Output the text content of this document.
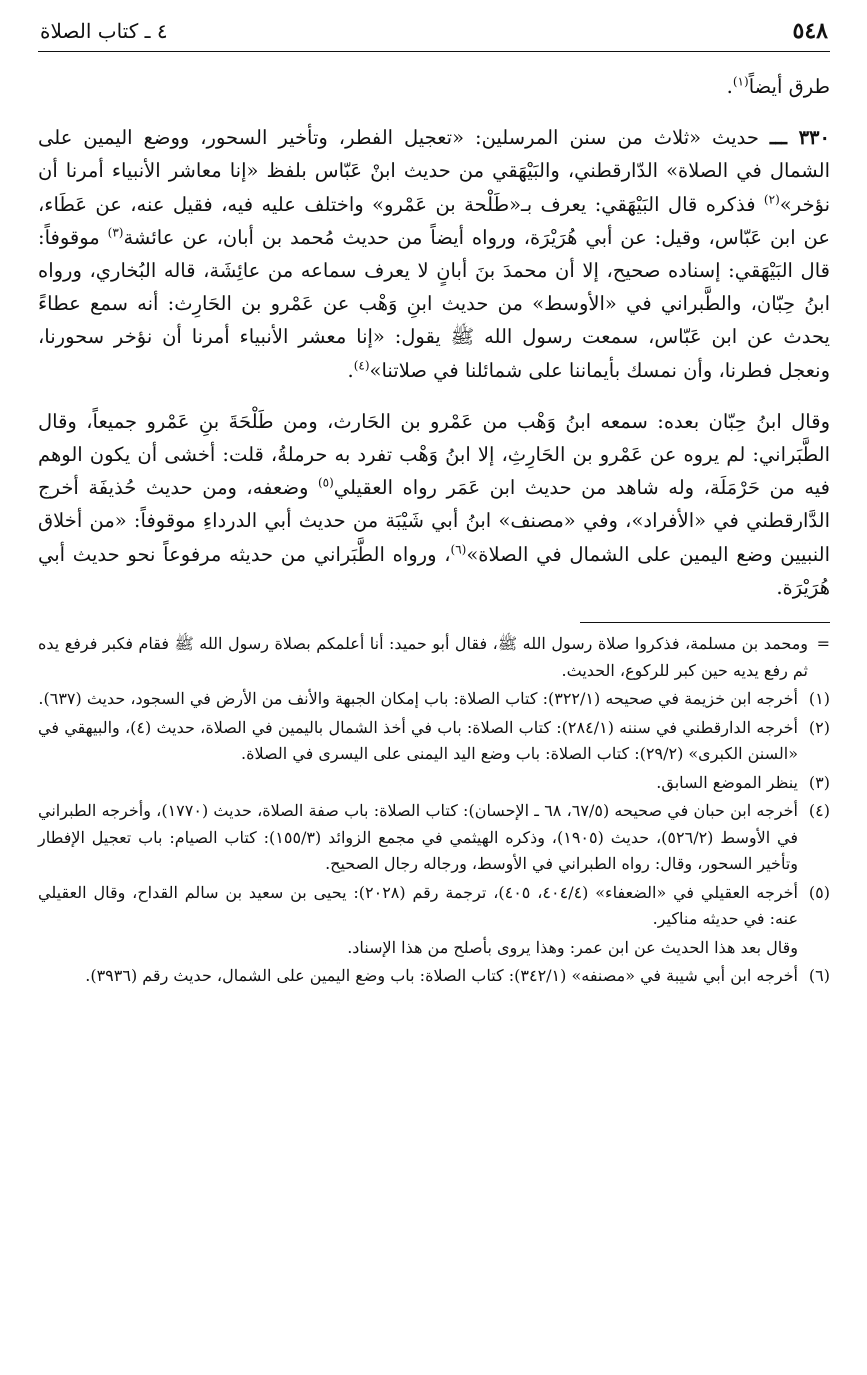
٥٤٨
٤ ـ كتاب الصلاة

طرق أيضاً$^{(١)}$.

٣٣٠ ـــ حديث «ثلاث من سنن المرسلين: «تعجيل الفطر، وتأخير السحور، ووضع اليمين على الشمال في الصلاة» الدّارقطني، والبَيْهَقي من حديث ابنْ عَبّاس بلفظ «إنا معاشر الأنبياء أمرنا أن نؤخر»$^{(٢)}$ فذكره قال البَيْهَقي: يعرف بـ«طَلْحة بن عَمْرو» واختلف عليه فيه، فقيل عنه، عن عَطَاء، عن ابن عَبّاس، وقيل: عن أبي هُرَيْرَة، ورواه أيضاً من حديث مُحمد بن أبان، عن عائشة$^{(٣)}$ موقوفاً: قال البَيْهَقي: إسناده صحيح، إلا أن محمدَ بنَ أبانٍ لا يعرف سماعه من عائِشَة، قاله البُخاري، ورواه ابنُ حِبّان، والطَّبراني في «الأوسط» من حديث ابنِ وَهْب عن عَمْرو بن الحَارِث: أنه سمع عطاءً يحدث عن ابن عَبّاس، سمعت رسول الله ﷺ يقول: «إنا معشر الأنبياء أمرنا أن نؤخر سحورنا، ونعجل فطرنا، وأن نمسك بأيماننا على شمائلنا في صلاتنا»$^{(٤)}$.

وقال ابنُ حِبّان بعده: سمعه ابنُ وَهْب من عَمْرو بن الحَارث، ومن طَلْحَةَ بنِ عَمْرو جميعاً، وقال الطَّبَراني: لم يروه عن عَمْرو بن الحَارِثِ، إلا ابنُ وَهْب تفرد به حرملةُ، قلت: أخشى أن يكون الوهم فيه من حَرْمَلَة، وله شاهد من حديث ابن عَمَر رواه العقيلي$^{(٥)}$ وضعفه، ومن حديث حُذيفَة أخرج الدَّارقطني في «الأفراد»، وفي «مصنف» ابنُ أبي شَيْبَة من حديث أبي الدرداءِ موقوفاً: «من أخلاق النبيين وضع اليمين على الشمال في الصلاة»$^{(٦)}$، ورواه الطَّبَراني من حديثه مرفوعاً نحو حديث أبي هُرَيْرَة.

=
ومحمد بن مسلمة، فذكروا صلاة رسول الله ﷺ، فقال أبو حميد: أنا أعلمكم بصلاة رسول الله ﷺ فقام فكبر فرفع يده ثم رفع يديه حين كبر للركوع، الحديث.
(١)
أخرجه ابن خزيمة في صحيحه (٣٢٢/١): كتاب الصلاة: باب إمكان الجبهة والأنف من الأرض في السجود، حديث (٦٣٧).
(٢)
أخرجه الدارقطني في سننه (٢٨٤/١): كتاب الصلاة: باب في أخذ الشمال باليمين في الصلاة، حديث (٤)، والبيهقي في «السنن الكبرى» (٢٩/٢): كتاب الصلاة: باب وضع اليد اليمنى على اليسرى في الصلاة.
(٣)
ينظر الموضع السابق.
(٤)
أخرجه ابن حبان في صحيحه (٦٧/٥، ٦٨ ـ الإحسان): كتاب الصلاة: باب صفة الصلاة، حديث (١٧٧٠)، وأخرجه الطبراني في الأوسط (٥٢٦/٢)، حديث (١٩٠٥)، وذكره الهيثمي في مجمع الزوائد (١٥٥/٣): كتاب الصيام: باب تعجيل الإفطار وتأخير السحور، وقال: رواه الطبراني في الأوسط، ورجاله رجال الصحيح.
(٥)
أخرجه العقيلي في «الضعفاء» (٤٠٤/٤، ٤٠٥)، ترجمة رقم (٢٠٢٨): يحيى بن سعيد بن سالم القداح، وقال العقيلي عنه: في حديثه مناكير.
وقال بعد هذا الحديث عن ابن عمر: وهذا يروى بأصلح من هذا الإسناد.
(٦)
أخرجه ابن أبي شيبة في «مصنفه» (٣٤٢/١): كتاب الصلاة: باب وضع اليمين على الشمال، حديث رقم (٣٩٣٦).
